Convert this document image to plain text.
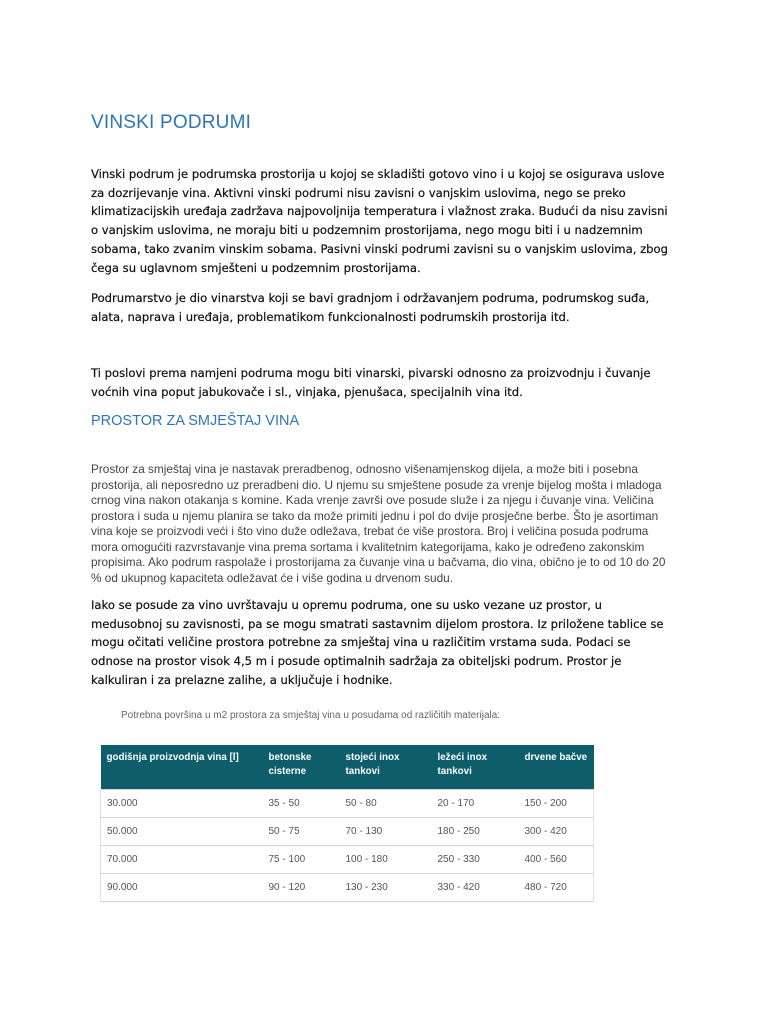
VINSKI PODRUMI

Vinski podrum je podrumska prostorija u kojoj se skladišti gotovo vino i u kojoj se osigurava uslove za dozrijevanje vina. Aktivni vinski podrumi nisu zavisni o vanjskim uslovima, nego se preko klimatizacijskih uređaja zadržava najpovoljnija temperatura i vlažnost zraka. Budući da nisu zavisni o vanjskim uslovima, ne moraju biti u podzemnim prostorijama, nego mogu biti i u nadzemnim sobama, tako zvanim vinskim sobama. Pasivni vinski podrumi zavisni su o vanjskim uslovima, zbog čega su uglavnom smješteni u podzemnim prostorijama.

Podrumarstvo je dio vinarstva koji se bavi gradnjom i održavanjem podruma, podrumskog suđa, alata, naprava i uređaja, problematikom funkcionalnosti podrumskih prostorija itd.

Ti poslovi prema namjeni podruma mogu biti vinarski, pivarski odnosno za proizvodnju i čuvanje voćnih vina poput jabukovače i sl., vinjaka, pjenušaca, specijalnih vina itd.

PROSTOR ZA SMJEŠTAJ VINA

Prostor za smještaj vina je nastavak preradbenog, odnosno višenamjenskog dijela, a može biti i posebna prostorija, ali neposredno uz preradbeni dio. U njemu su smještene posude za vrenje bijelog mošta i mladoga crnog vina nakon otakanja s komine. Kada vrenje završi ove posude služe i za njegu i čuvanje vina. Veličina prostora i suda u njemu planira se tako da može primiti jednu i pol do dvije prosječne berbe. Što je asortiman vina koje se proizvodi veći i što vino duže odležava, trebat će više prostora. Broj i veličina posuda podruma mora omogućiti razvrstavanje vina prema sortama i kvalitetnim kategorijama, kako je određeno zakonskim propisima. Ako podrum raspolaže i prostorijama za čuvanje vina u bačvama, dio vina, obično je to od 10 do 20 % od ukupnog kapaciteta odležavat će i više godina u drvenom sudu.

Iako se posude za vino uvrštavaju u opremu podruma, one su usko vezane uz prostor, u medusobnoj su zavisnosti, pa se mogu smatrati sastavnim dijelom prostora. Iz priložene tablice se mogu očitati veličine prostora potrebne za smještaj vina u različitim vrstama suda. Podaci se odnose na prostor visok 4,5 m i posude optimalnih sadržaja za obiteljski podrum. Prostor je kalkuliran i za prelazne zalihe, a uključuje i hodnike.

Potrebna površina u m2 prostora za smještaj vina u posudama od različitih materijala:

godišnja proizvodnja vina [l]	betonske cisterne	stojeći inox tankovi	ležeći inox tankovi	drvene bačve
30.000	35 - 50	50 - 80	20 - 170	150 - 200
50.000	50 - 75	70 - 130	180 - 250	300 - 420
70.000	75 - 100	100 - 180	250 - 330	400 - 560
90.000	90 - 120	130 - 230	330 - 420	480 - 720
